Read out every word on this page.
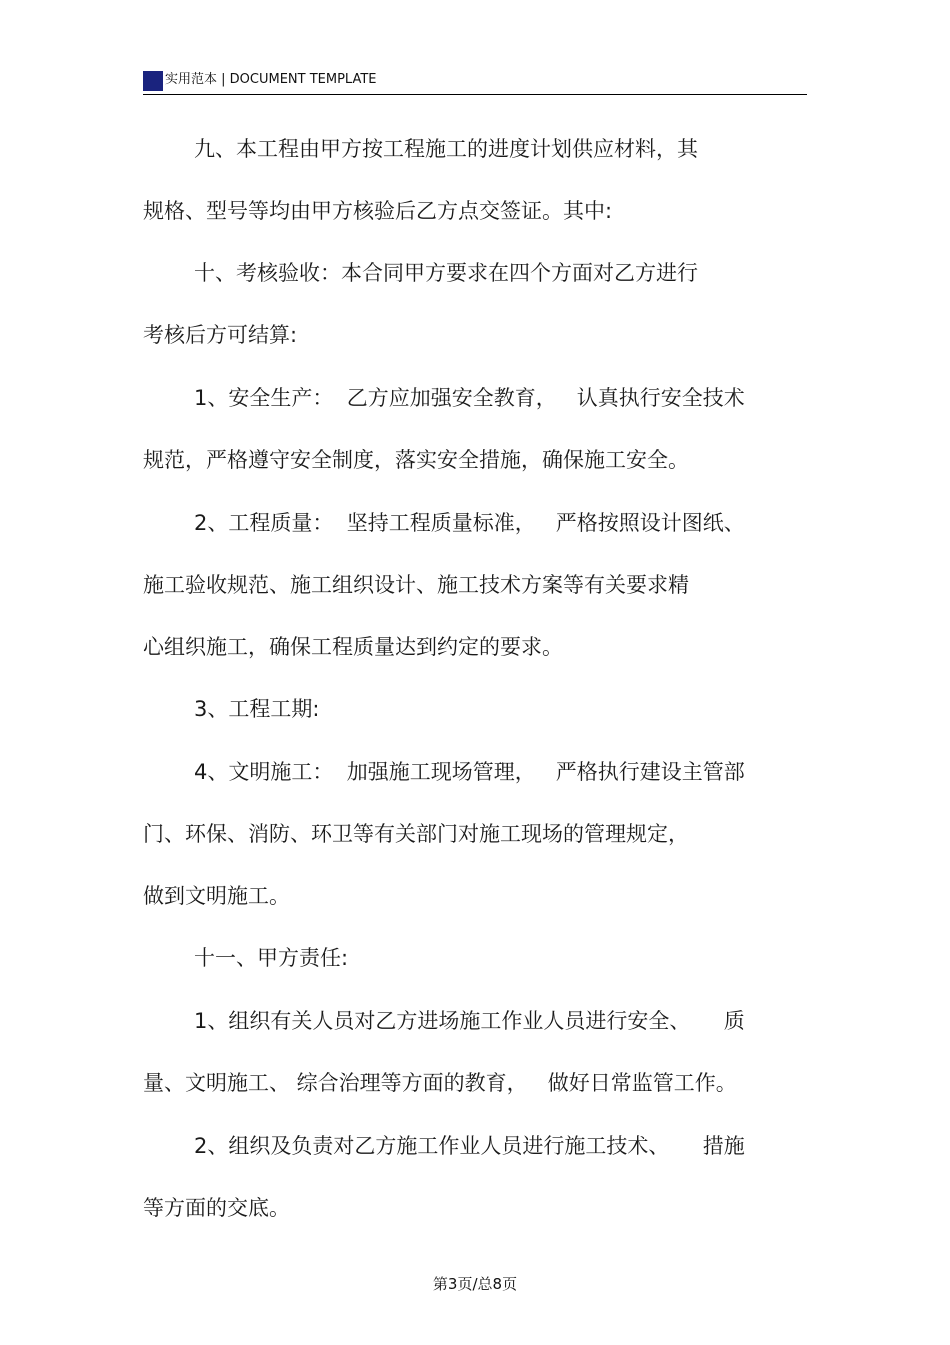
实用范本 | DOCUMENT TEMPLATE

九、本工程由甲方按工程施工的进度计划供应材料，其

规格、型号等均由甲方核验后乙方点交签证。其中:

十、考核验收：本合同甲方要求在四个方面对乙方进行

考核后方可结算:

1、安全生产：  乙方应加强安全教育，   认真执行安全技术

规范，严格遵守安全制度，落实安全措施，确保施工安全。

2、工程质量：  坚持工程质量标准，   严格按照设计图纸、

施工验收规范、施工组织设计、施工技术方案等有关要求精

心组织施工，确保工程质量达到约定的要求。

3、工程工期:

4、文明施工：  加强施工现场管理，   严格执行建设主管部

门、环保、消防、环卫等有关部门对施工现场的管理规定，

做到文明施工。

十一、甲方责任:

1、组织有关人员对乙方进场施工作业人员进行安全、     质

量、文明施工、 综合治理等方面的教育，   做好日常监管工作。

2、组织及负责对乙方施工作业人员进行施工技术、     措施

等方面的交底。

第3页/总8页
